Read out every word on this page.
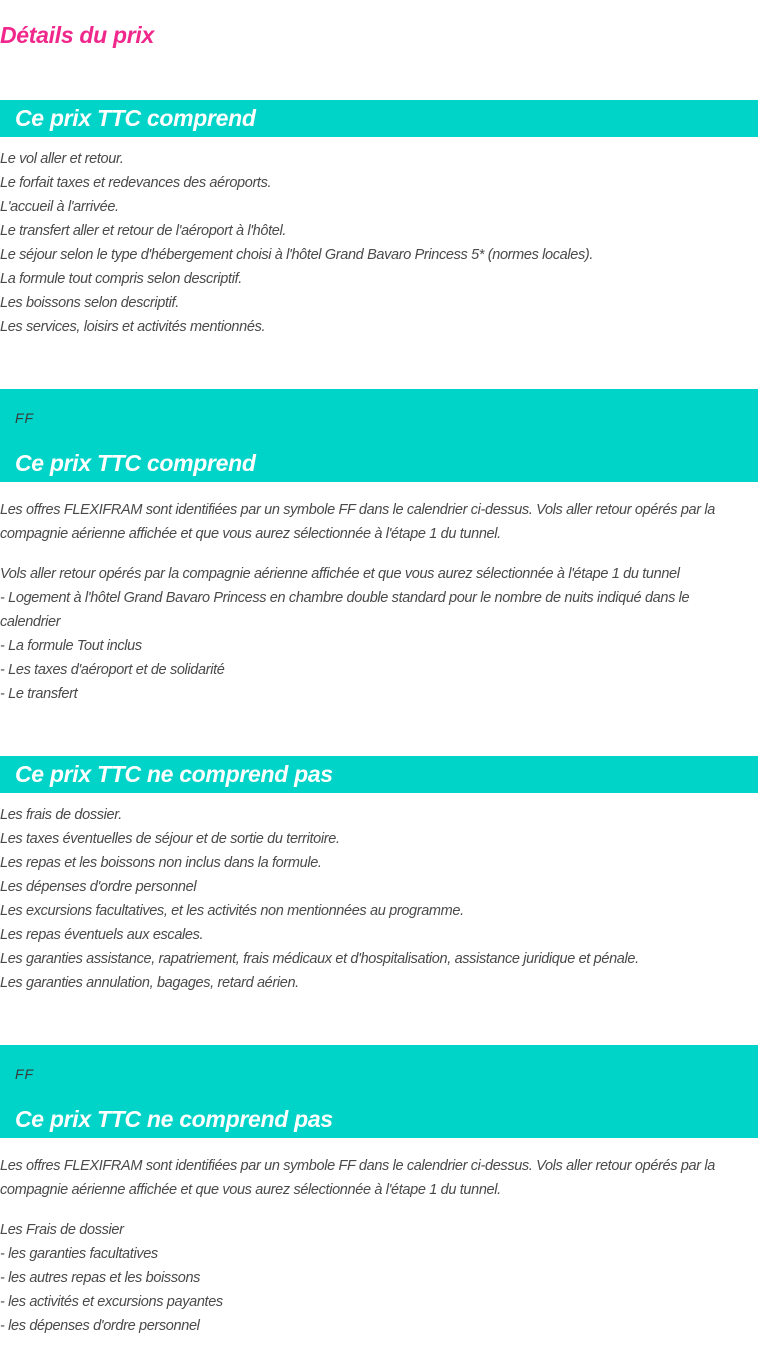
Détails du prix
Ce prix TTC comprend
Le vol aller et retour.
Le forfait taxes et redevances des aéroports.
L'accueil à l'arrivée.
Le transfert aller et retour de l'aéroport à l'hôtel.
Le séjour selon le type d'hébergement choisi à l'hôtel Grand Bavaro Princess 5* (normes locales).
La formule tout compris selon descriptif.
Les boissons selon descriptif.
Les services, loisirs et activités mentionnés.
FF
Ce prix TTC comprend

Les offres FLEXIFRAM sont identifiées par un symbole FF dans le calendrier ci-dessus. Vols aller retour opérés par la compagnie aérienne affichée et que vous aurez sélectionnée à l'étape 1 du tunnel.

Vols aller retour opérés par la compagnie aérienne affichée et que vous aurez sélectionnée à l'étape 1 du tunnel
- Logement à l'hôtel Grand Bavaro Princess en chambre double standard pour le nombre de nuits indiqué dans le calendrier
- La formule Tout inclus
- Les taxes d'aéroport et de solidarité
- Le transfert
Ce prix TTC ne comprend pas
Les frais de dossier.
Les taxes éventuelles de séjour et de sortie du territoire.
Les repas et les boissons non inclus dans la formule.
Les dépenses d'ordre personnel
Les excursions facultatives, et les activités non mentionnées au programme.
Les repas éventuels aux escales.
Les garanties assistance, rapatriement, frais médicaux et d'hospitalisation, assistance juridique et pénale.
Les garanties annulation, bagages, retard aérien.
FF
Ce prix TTC ne comprend pas

Les offres FLEXIFRAM sont identifiées par un symbole FF dans le calendrier ci-dessus. Vols aller retour opérés par la compagnie aérienne affichée et que vous aurez sélectionnée à l'étape 1 du tunnel.

Les Frais de dossier
- les garanties facultatives
- les autres repas et les boissons
- les activités et excursions payantes
- les dépenses d'ordre personnel
